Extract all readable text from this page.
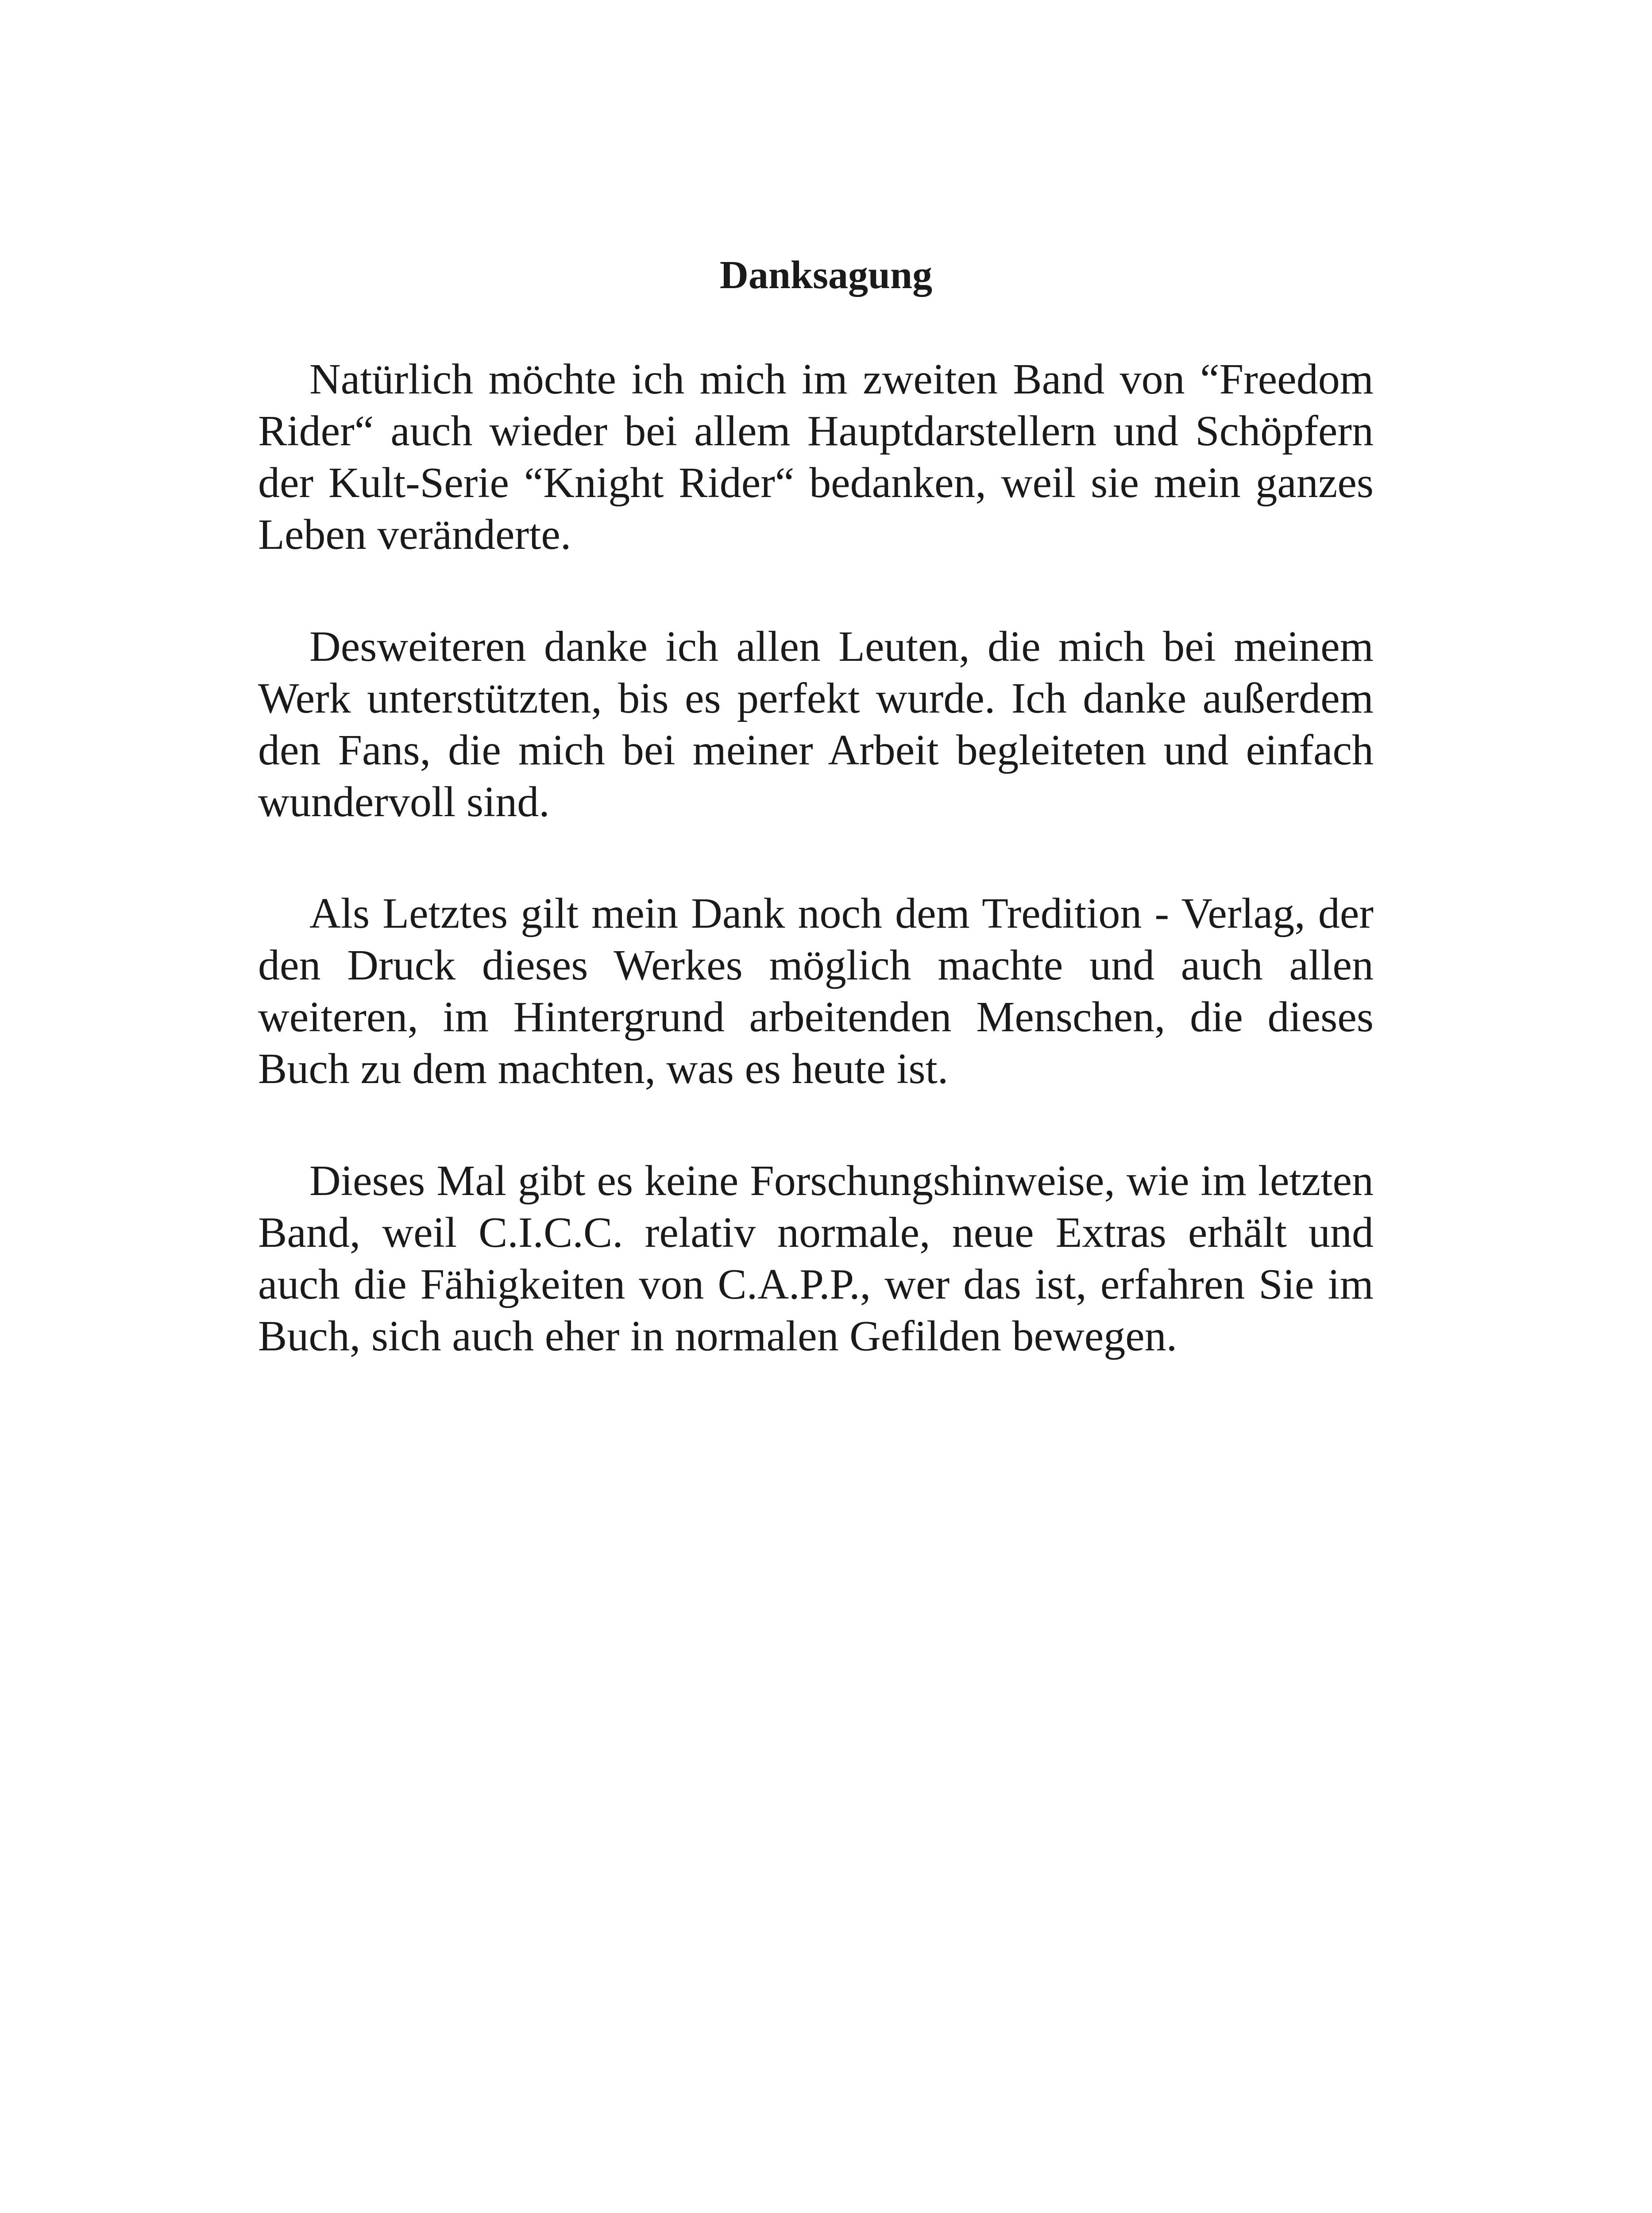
Danksagung

Natürlich möchte ich mich im zweiten Band von “Freedom Rider“ auch wieder bei allem Hauptdarstellern und Schöpfern der Kult-Serie “Knight Rider“ bedanken, weil sie mein ganzes Leben veränderte.

Desweiteren danke ich allen Leuten, die mich bei meinem Werk unterstützten, bis es perfekt wurde. Ich danke außerdem den Fans, die mich bei meiner Arbeit begleiteten und einfach wundervoll sind.

Als Letztes gilt mein Dank noch dem Tredition - Verlag, der den Druck dieses Werkes möglich machte und auch allen weiteren, im Hintergrund arbeitenden Menschen, die dieses Buch zu dem machten, was es heute ist.

Dieses Mal gibt es keine Forschungshinweise, wie im letzten Band, weil C.I.C.C. relativ normale, neue Extras erhält und auch die Fähigkeiten von C.A.P.P., wer das ist, erfahren Sie im Buch, sich auch eher in normalen Gefilden bewegen.
